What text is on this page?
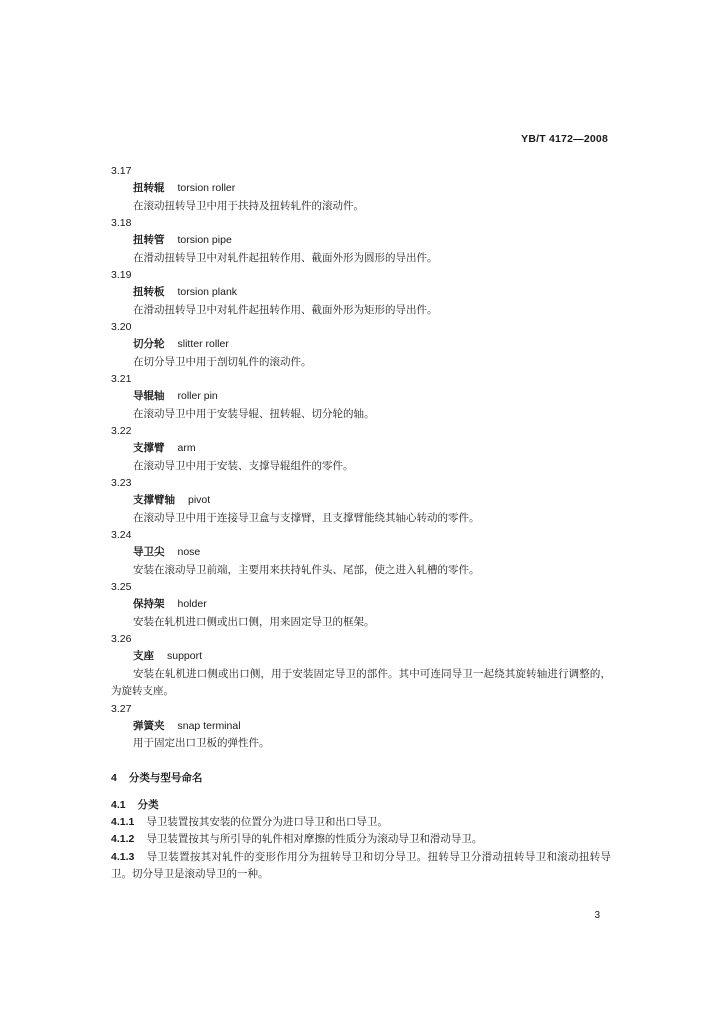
YB/T 4172—2008
3.17
扭转辊 torsion roller
在滚动扭转导卫中用于扶持及扭转轧件的滚动件。
3.18
扭转管 torsion pipe
在滑动扭转导卫中对轧件起扭转作用、截面外形为圆形的导出件。
3.19
扭转板 torsion plank
在滑动扭转导卫中对轧件起扭转作用、截面外形为矩形的导出件。
3.20
切分轮 slitter roller
在切分导卫中用于剖切轧件的滚动件。
3.21
导辊轴 roller pin
在滚动导卫中用于安装导辊、扭转辊、切分轮的轴。
3.22
支撑臂 arm
在滚动导卫中用于安装、支撑导辊组件的零件。
3.23
支撑臂轴 pivot
在滚动导卫中用于连接导卫盒与支撑臂，且支撑臂能绕其轴心转动的零件。
3.24
导卫尖 nose
安装在滚动导卫前端，主要用来扶持轧件头、尾部，使之进入轧槽的零件。
3.25
保持架 holder
安装在轧机进口侧或出口侧，用来固定导卫的框架。
3.26
支座 support
安装在轧机进口侧或出口侧，用于安装固定导卫的部件。其中可连同导卫一起绕其旋转轴进行调整的，为旋转支座。
3.27
弹簧夹 snap terminal
用于固定出口卫板的弹性件。
4 分类与型号命名
4.1 分类
4.1.1 导卫装置按其安装的位置分为进口导卫和出口导卫。
4.1.2 导卫装置按其与所引导的轧件相对摩擦的性质分为滚动导卫和滑动导卫。
4.1.3 导卫装置按其对轧件的变形作用分为扭转导卫和切分导卫。扭转导卫分滑动扭转导卫和滚动扭转导卫。切分导卫是滚动导卫的一种。
3
